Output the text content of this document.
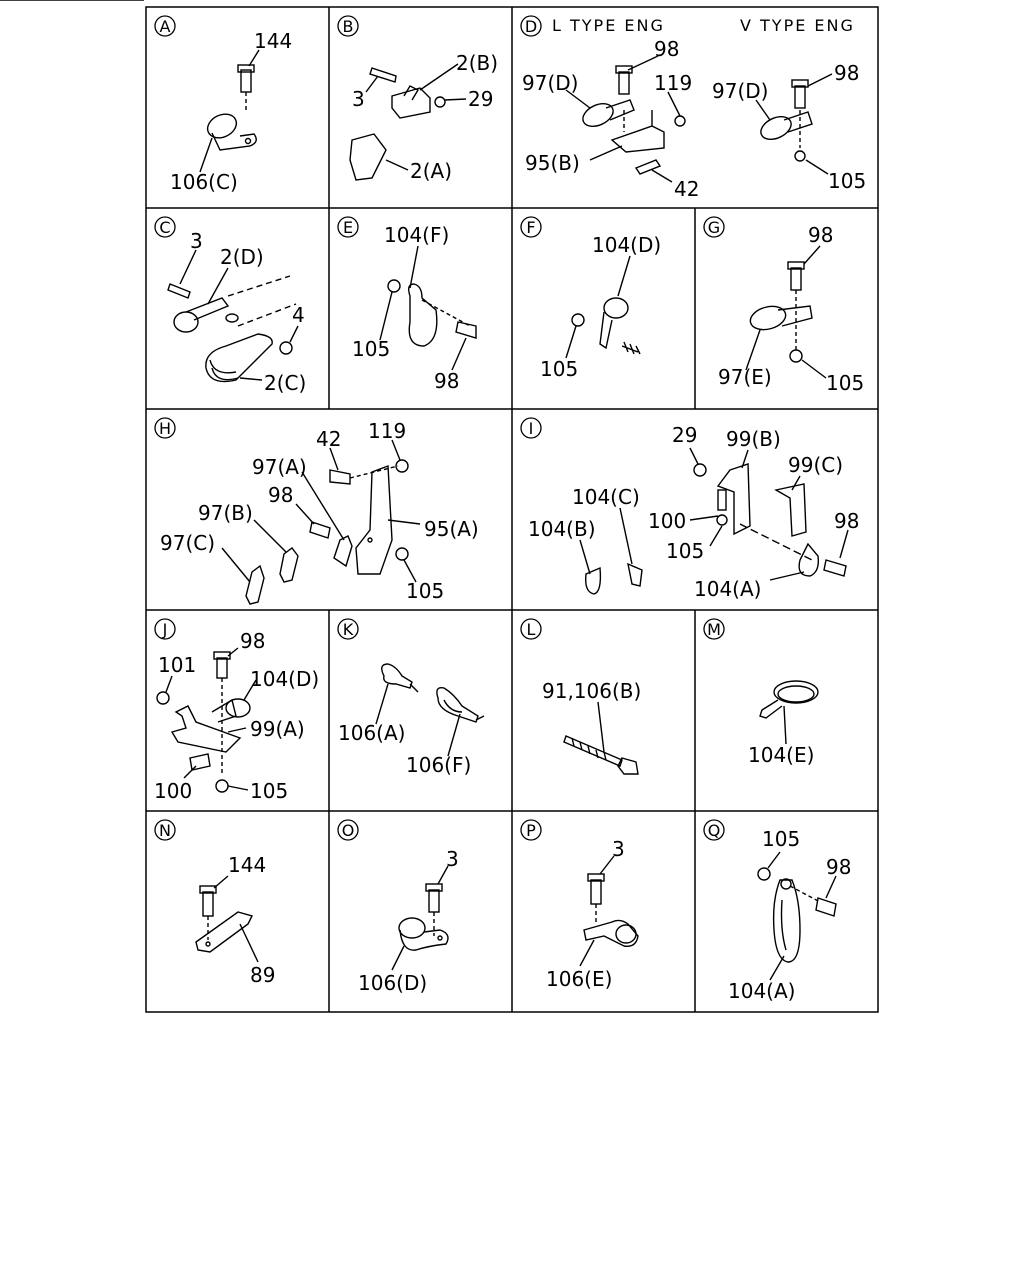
A
144
106(C)
B
2(B)
3	29
2(A)
D L TYPE ENG	V TYPE ENG
98
97(D)	119
95(B)
42
98
97(D)
105
C
3
2(D)
4
2(C)
E 104(F)
105
98
F
104(D)
105
G	98
97(E)	105
H	42 119
97(A)
98
97(B)
95(A)
97(C)
105
I	29 99(B)
99(C)
104(C)
100	98
104(B)
105
104(A)
J	98
101
104(D)
99(A)
100	105
K
106(A)
106(F)
L
91,106(B)
M
104(E)
N
144
89
O
3
106(D)
P
3
106(E)
Q 105
98
104(A)
